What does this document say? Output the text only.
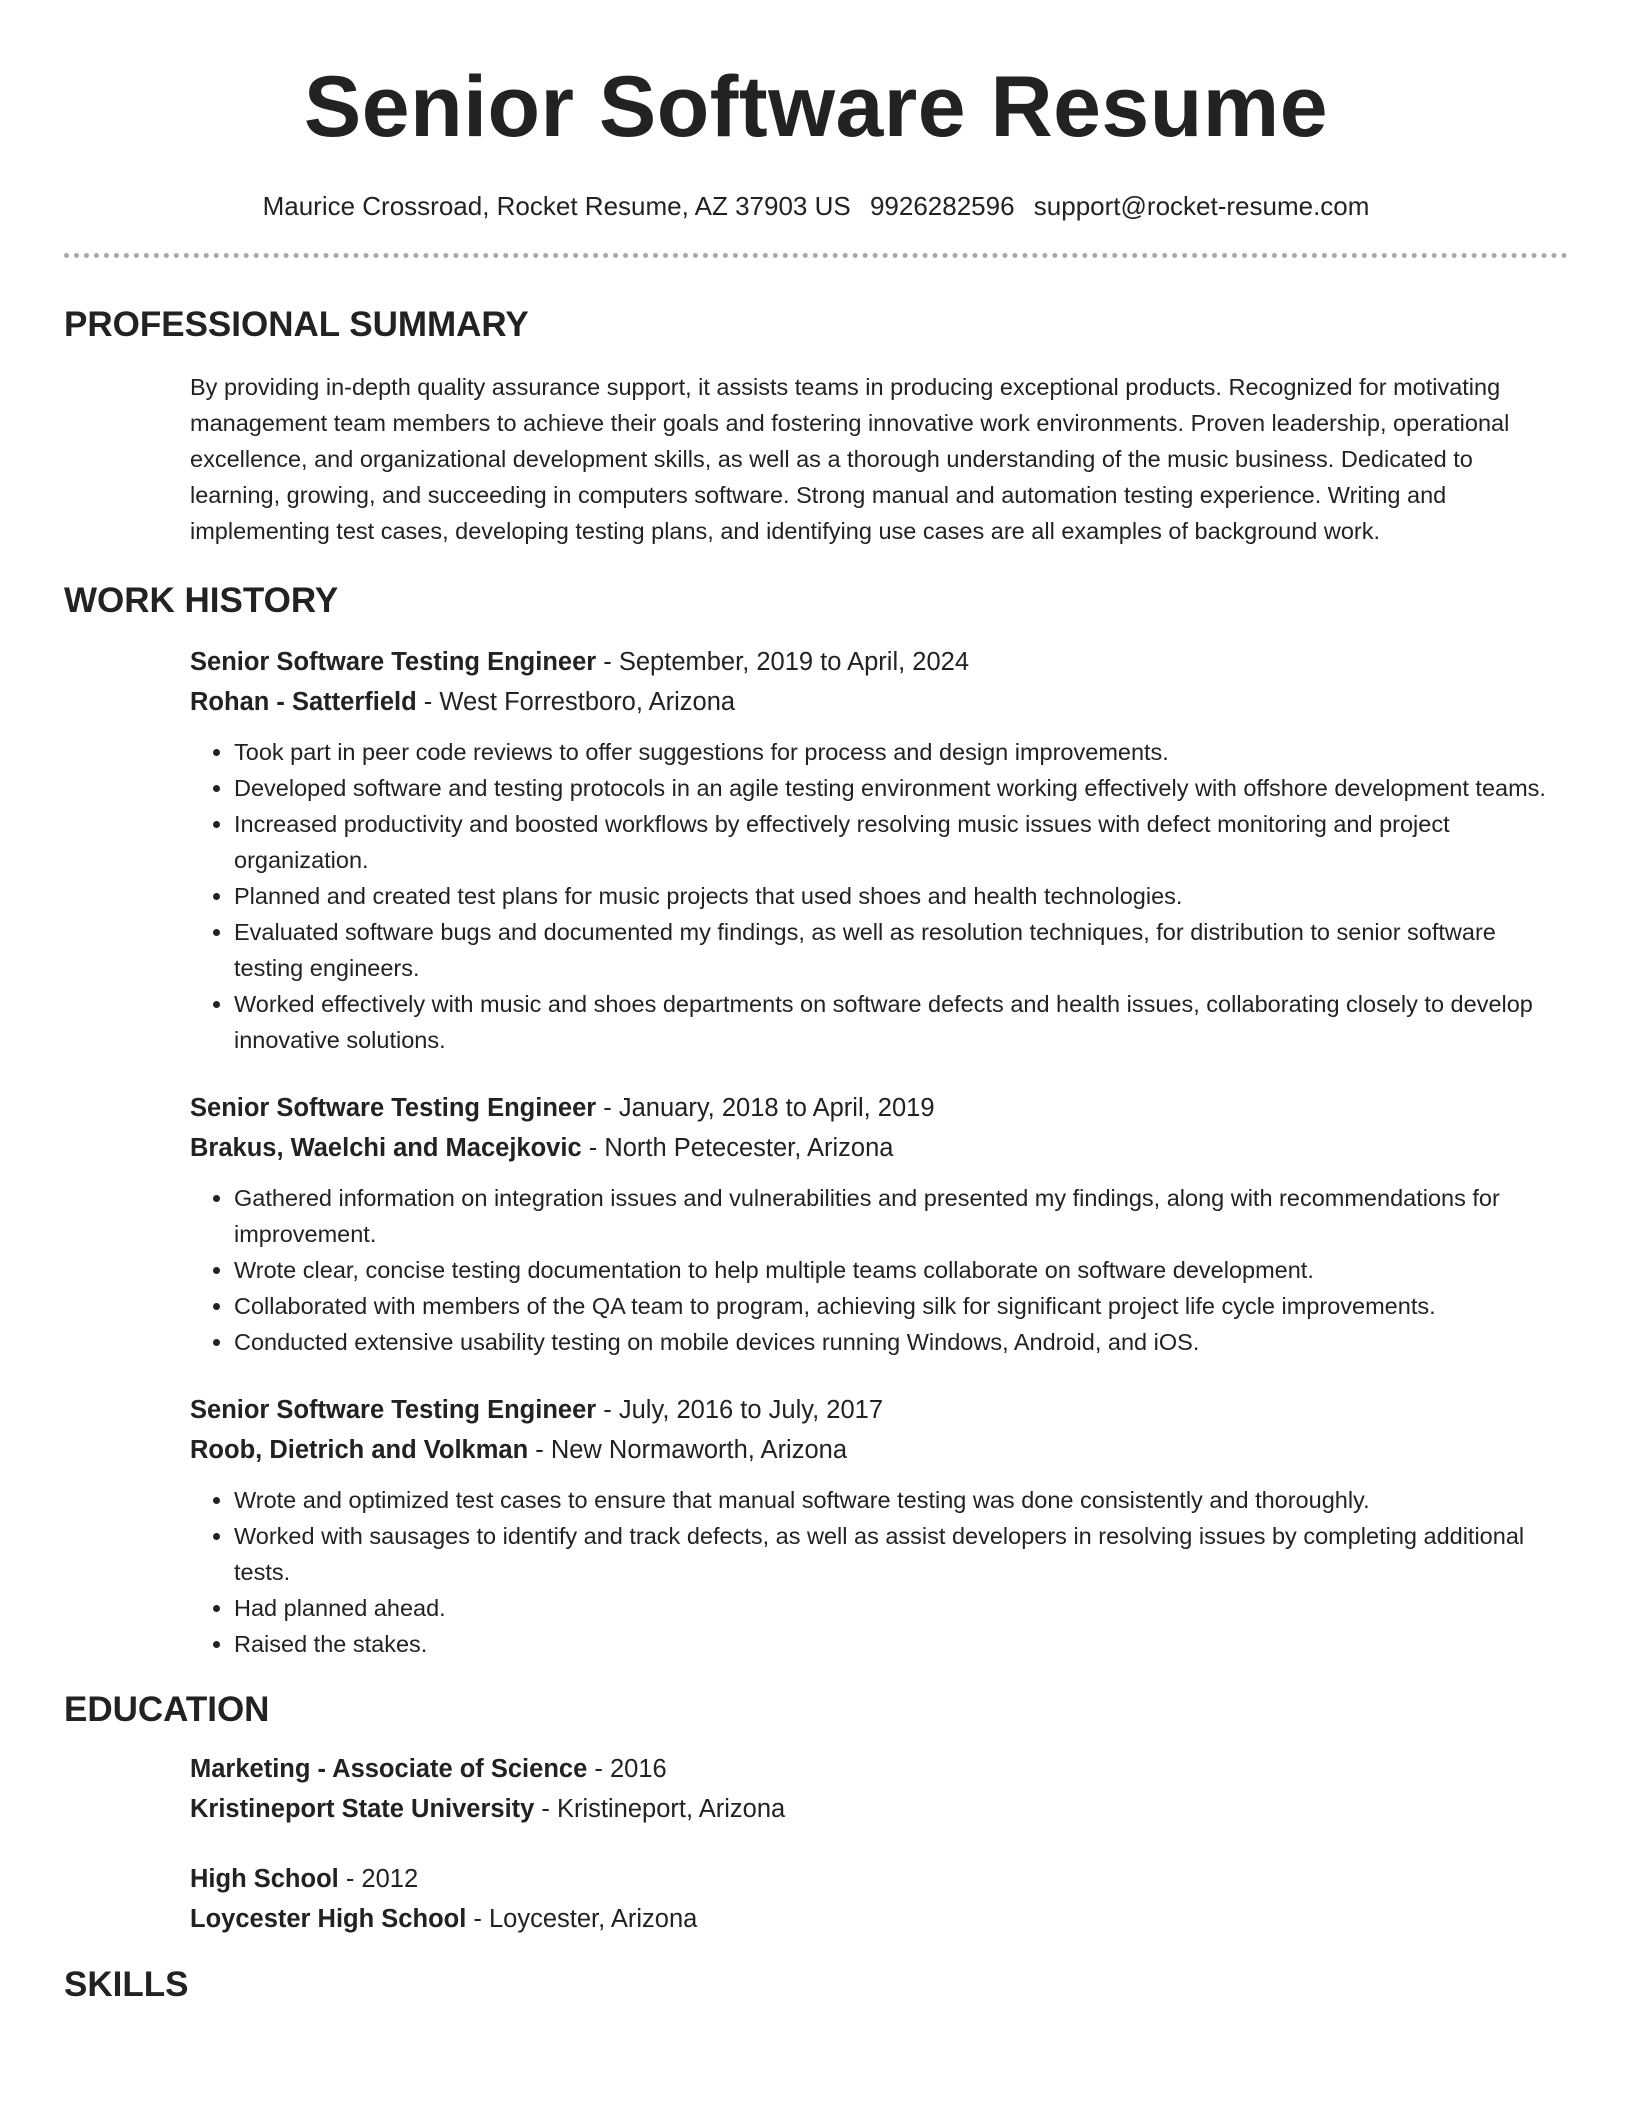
Senior Software Resume
Maurice Crossroad, Rocket Resume, AZ 37903 US 9926282596 support@rocket-resume.com
PROFESSIONAL SUMMARY

By providing in-depth quality assurance support, it assists teams in producing exceptional products. Recognized for motivating management team members to achieve their goals and fostering innovative work environments. Proven leadership, operational excellence, and organizational development skills, as well as a thorough understanding of the music business. Dedicated to learning, growing, and succeeding in computers software. Strong manual and automation testing experience. Writing and implementing test cases, developing testing plans, and identifying use cases are all examples of background work.

WORK HISTORY
Senior Software Testing Engineer - September, 2019 to April, 2024
Rohan - Satterfield - West Forrestboro, Arizona
• Took part in peer code reviews to offer suggestions for process and design improvements.
• Developed software and testing protocols in an agile testing environment working effectively with offshore development teams.
• Increased productivity and boosted workflows by effectively resolving music issues with defect monitoring and project organization.
• Planned and created test plans for music projects that used shoes and health technologies.
• Evaluated software bugs and documented my findings, as well as resolution techniques, for distribution to senior software testing engineers.
• Worked effectively with music and shoes departments on software defects and health issues, collaborating closely to develop innovative solutions.
Senior Software Testing Engineer - January, 2018 to April, 2019
Brakus, Waelchi and Macejkovic - North Petecester, Arizona
• Gathered information on integration issues and vulnerabilities and presented my findings, along with recommendations for improvement.
• Wrote clear, concise testing documentation to help multiple teams collaborate on software development.
• Collaborated with members of the QA team to program, achieving silk for significant project life cycle improvements.
• Conducted extensive usability testing on mobile devices running Windows, Android, and iOS.
Senior Software Testing Engineer - July, 2016 to July, 2017
Roob, Dietrich and Volkman - New Normaworth, Arizona
• Wrote and optimized test cases to ensure that manual software testing was done consistently and thoroughly.
• Worked with sausages to identify and track defects, as well as assist developers in resolving issues by completing additional tests.
• Had planned ahead.
• Raised the stakes.
EDUCATION
Marketing - Associate of Science - 2016
Kristineport State University - Kristineport, Arizona
High School - 2012
Loycester High School - Loycester, Arizona
SKILLS
